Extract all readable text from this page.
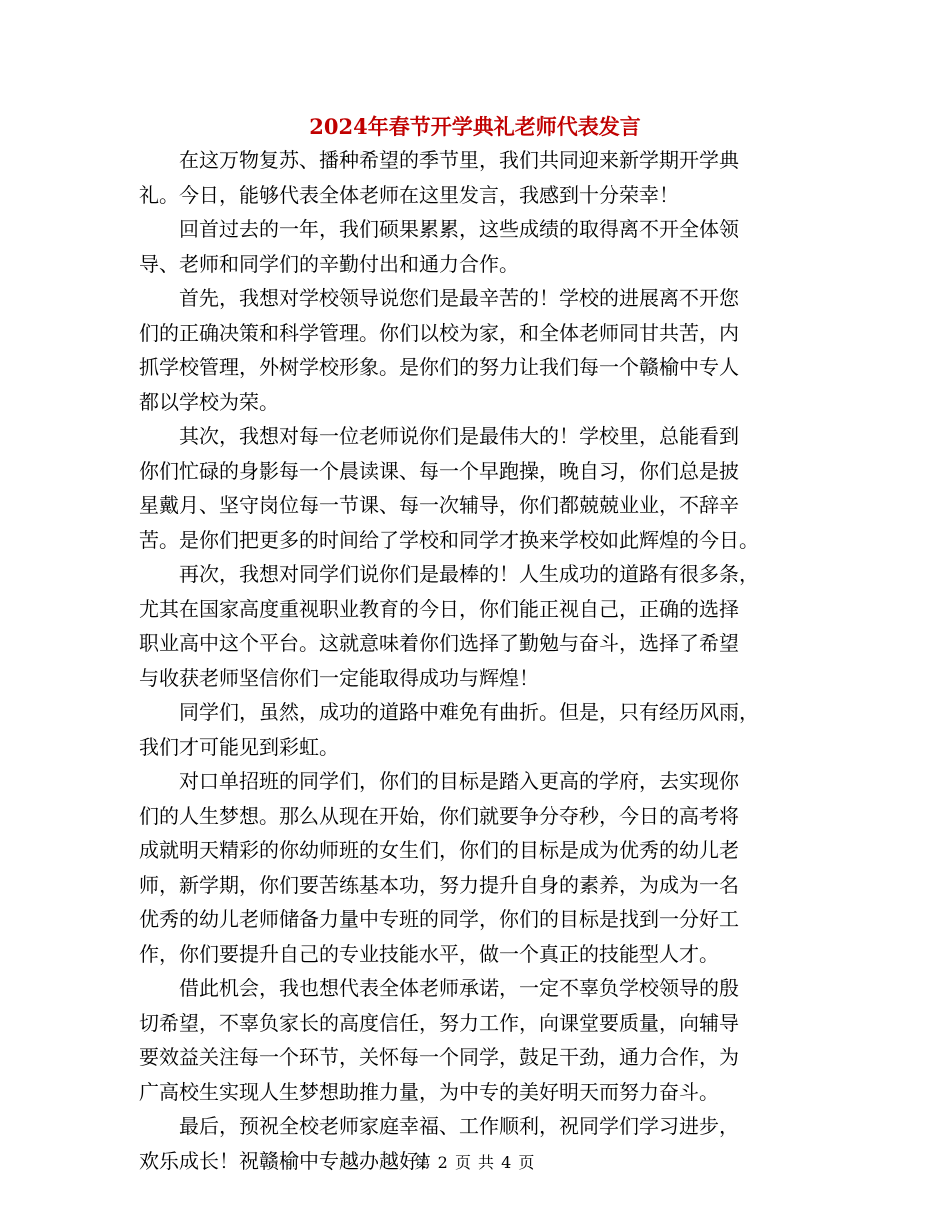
2024年春节开学典礼老师代表发言

在这万物复苏、播种希望的季节里，我们共同迎来新学期开学典
礼。今日，能够代表全体老师在这里发言，我感到十分荣幸！

回首过去的一年，我们硕果累累，这些成绩的取得离不开全体领
导、老师和同学们的辛勤付出和通力合作。

首先，我想对学校领导说您们是最辛苦的！学校的进展离不开您
们的正确决策和科学管理。你们以校为家，和全体老师同甘共苦，内
抓学校管理，外树学校形象。是你们的努力让我们每一个赣榆中专人
都以学校为荣。

其次，我想对每一位老师说你们是最伟大的！学校里，总能看到
你们忙碌的身影每一个晨读课、每一个早跑操，晚自习，你们总是披
星戴月、坚守岗位每一节课、每一次辅导，你们都兢兢业业，不辞辛
苦。是你们把更多的时间给了学校和同学才换来学校如此辉煌的今日。

再次，我想对同学们说你们是最棒的！人生成功的道路有很多条，
尤其在国家高度重视职业教育的今日，你们能正视自己，正确的选择
职业高中这个平台。这就意味着你们选择了勤勉与奋斗，选择了希望
与收获老师坚信你们一定能取得成功与辉煌！

同学们，虽然，成功的道路中难免有曲折。但是，只有经历风雨，
我们才可能见到彩虹。

对口单招班的同学们，你们的目标是踏入更高的学府，去实现你
们的人生梦想。那么从现在开始，你们就要争分夺秒，今日的高考将
成就明天精彩的你幼师班的女生们，你们的目标是成为优秀的幼儿老
师，新学期，你们要苦练基本功，努力提升自身的素养，为成为一名
优秀的幼儿老师储备力量中专班的同学，你们的目标是找到一分好工
作，你们要提升自己的专业技能水平，做一个真正的技能型人才。

借此机会，我也想代表全体老师承诺，一定不辜负学校领导的殷
切希望，不辜负家长的高度信任，努力工作，向课堂要质量，向辅导
要效益关注每一个环节，关怀每一个同学，鼓足干劲，通力合作，为
广高校生实现人生梦想助推力量，为中专的美好明天而努力奋斗。

最后，预祝全校老师家庭幸福、工作顺利，祝同学们学习进步，
欢乐成长！祝赣榆中专越办越好！

第 2 页 共 4 页
